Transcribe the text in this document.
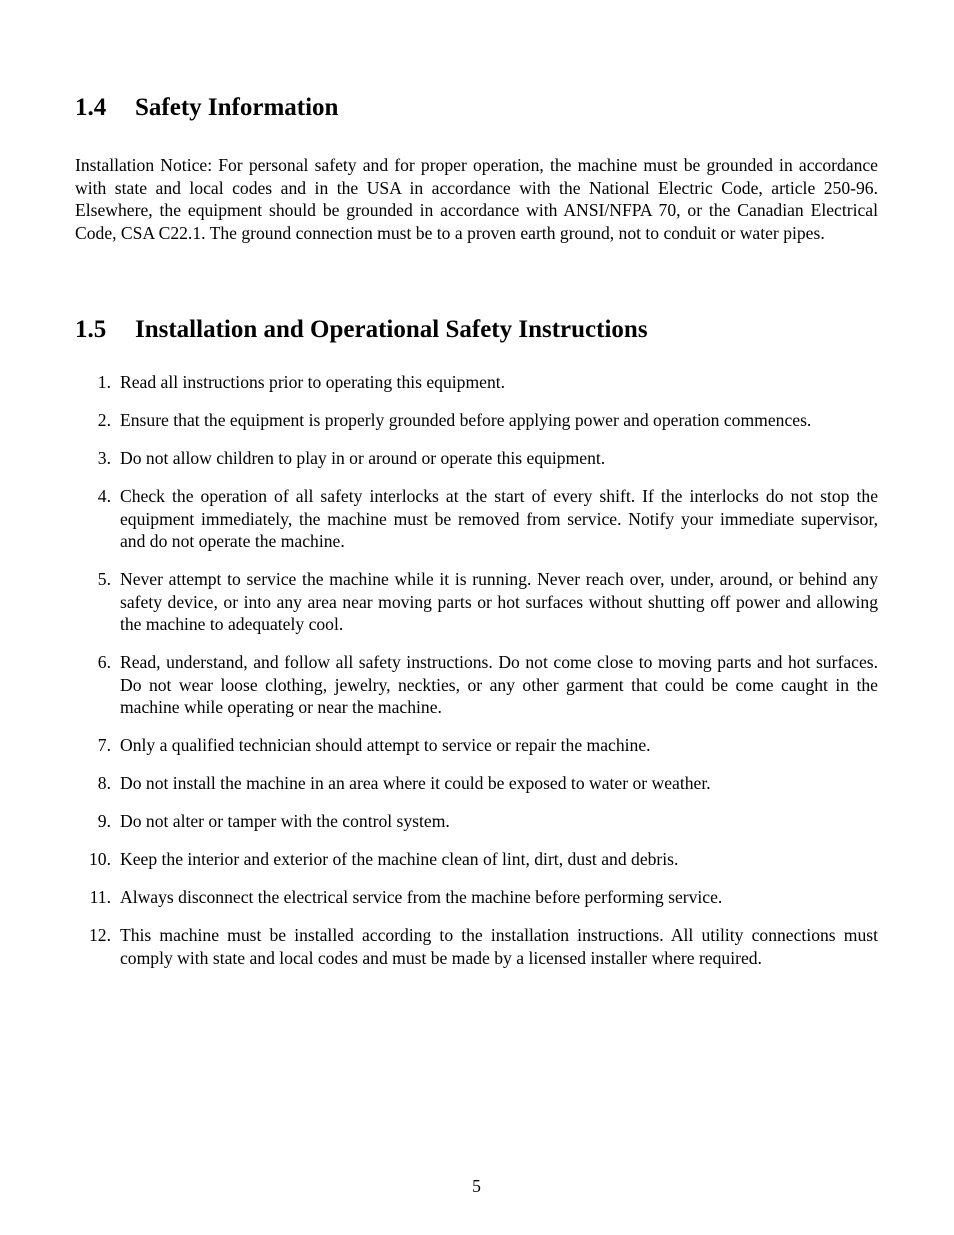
1.4 Safety Information

Installation Notice: For personal safety and for proper operation, the machine must be grounded in accordance with state and local codes and in the USA in accordance with the National Electric Code, article 250-96. Elsewhere, the equipment should be grounded in accordance with ANSI/NFPA 70, or the Canadian Electrical Code, CSA C22.1. The ground connection must be to a proven earth ground, not to conduit or water pipes.

1.5 Installation and Operational Safety Instructions
1. Read all instructions prior to operating this equipment.
2. Ensure that the equipment is properly grounded before applying power and operation commences.
3. Do not allow children to play in or around or operate this equipment.
4. Check the operation of all safety interlocks at the start of every shift. If the interlocks do not stop the equipment immediately, the machine must be removed from service. Notify your immediate supervisor, and do not operate the machine.
5. Never attempt to service the machine while it is running. Never reach over, under, around, or behind any safety device, or into any area near moving parts or hot surfaces without shutting off power and allowing the machine to adequately cool.
6. Read, understand, and follow all safety instructions. Do not come close to moving parts and hot surfaces. Do not wear loose clothing, jewelry, neckties, or any other garment that could be come caught in the machine while operating or near the machine.
7. Only a qualified technician should attempt to service or repair the machine.
8. Do not install the machine in an area where it could be exposed to water or weather.
9. Do not alter or tamper with the control system.
10. Keep the interior and exterior of the machine clean of lint, dirt, dust and debris.
11. Always disconnect the electrical service from the machine before performing service.
12. This machine must be installed according to the installation instructions. All utility connections must comply with state and local codes and must be made by a licensed installer where required.
5
